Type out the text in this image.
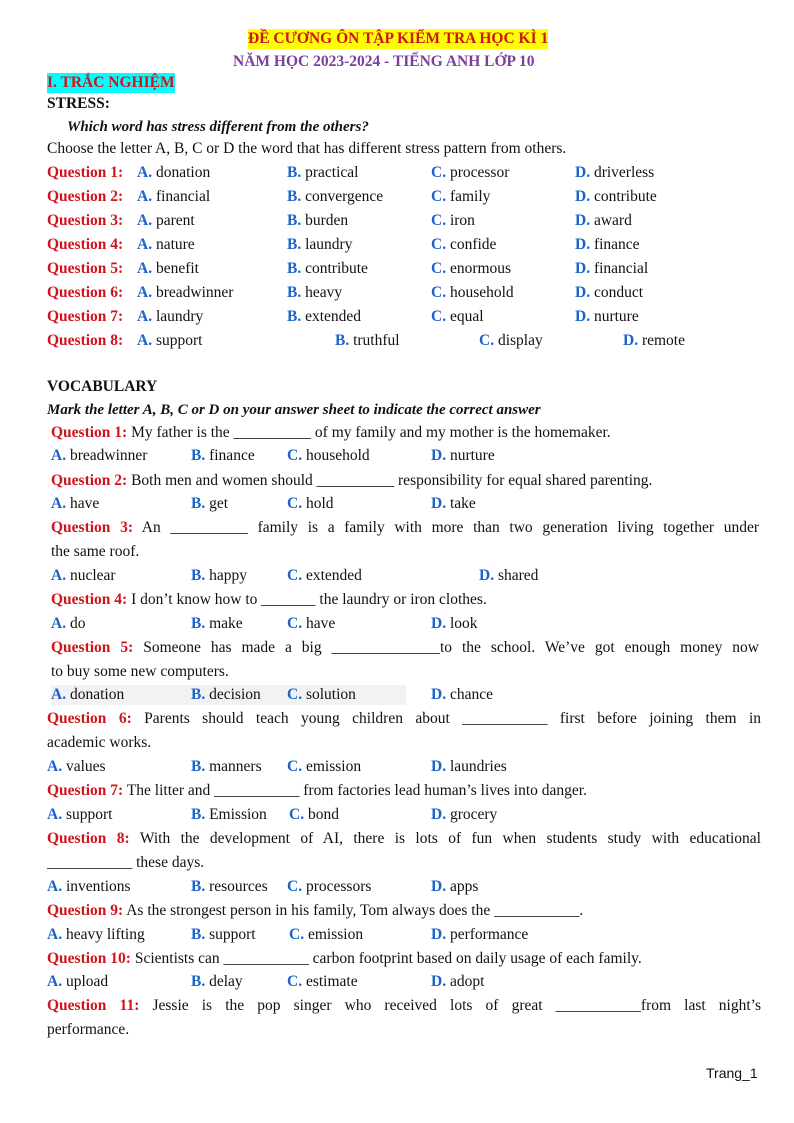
ĐỀ CƯƠNG ÔN TẬP KIỂM TRA HỌC KÌ 1
NĂM HỌC 2023-2024 - TIẾNG ANH LỚP 10
I. TRẮC NGHIỆM
STRESS:
Which word has stress different from the others?
Choose the letter A, B, C or D the word that has different stress pattern from others.
Question 1: A. donation	B. practical	C. processor	D. driverless
Question 2: A. financial	B. convergence	C. family	D. contribute
Question 3: A. parent	B. burden	C. iron	D. award
Question 4: A. nature	B. laundry	C. confide	D. finance
Question 5: A. benefit	B. contribute	C. enormous	D. financial
Question 6: A. breadwinner	B. heavy	C. household	D. conduct
Question 7: A. laundry	B. extended	C. equal	D. nurture
Question 8: A. support	B. truthful	C. display	D. remote
VOCABULARY
Mark the letter A, B, C or D on your answer sheet to indicate the correct answer
Question 1: My father is the __________ of my family and my mother is the homemaker.
A. breadwinner	B. finance C. household	D. nurture
Question 2: Both men and women should __________ responsibility for equal shared parenting.
A. have	B. get	C. hold	D. take
Question 3: An __________ family is a family with more than two generation living together under
the same roof.
A. nuclear	B. happy	C. extended	D. shared
Question 4: I don’t know how to _______ the laundry or iron clothes.
A. do	B. make	C. have	D. look
Question 5: Someone has made a big ______________to the school. We’ve got enough money now
to buy some new computers.
A. donation	B. decision C. solution	D. chance
Question 6: Parents should teach young children about ___________ first before joining them in
academic works.
A. values	B. manners C. emission	D. laundries
Question 7: The litter and ___________ from factories lead human’s lives into danger.
A. support	B. Emission C. bond	D. grocery
Question 8: With the development of AI, there is lots of fun when students study with educational
___________ these days.
A. inventions	B. resources C. processors	D. apps
Question 9: As the strongest person in his family, Tom always does the ___________.
A. heavy lifting	B. support C. emission	D. performance
Question 10: Scientists can ___________ carbon footprint based on daily usage of each family.
A. upload	B. delay	C. estimate	D. adopt
Question 11: Jessie is the pop singer who received lots of great ___________from last night’s
performance.
Trang_1
